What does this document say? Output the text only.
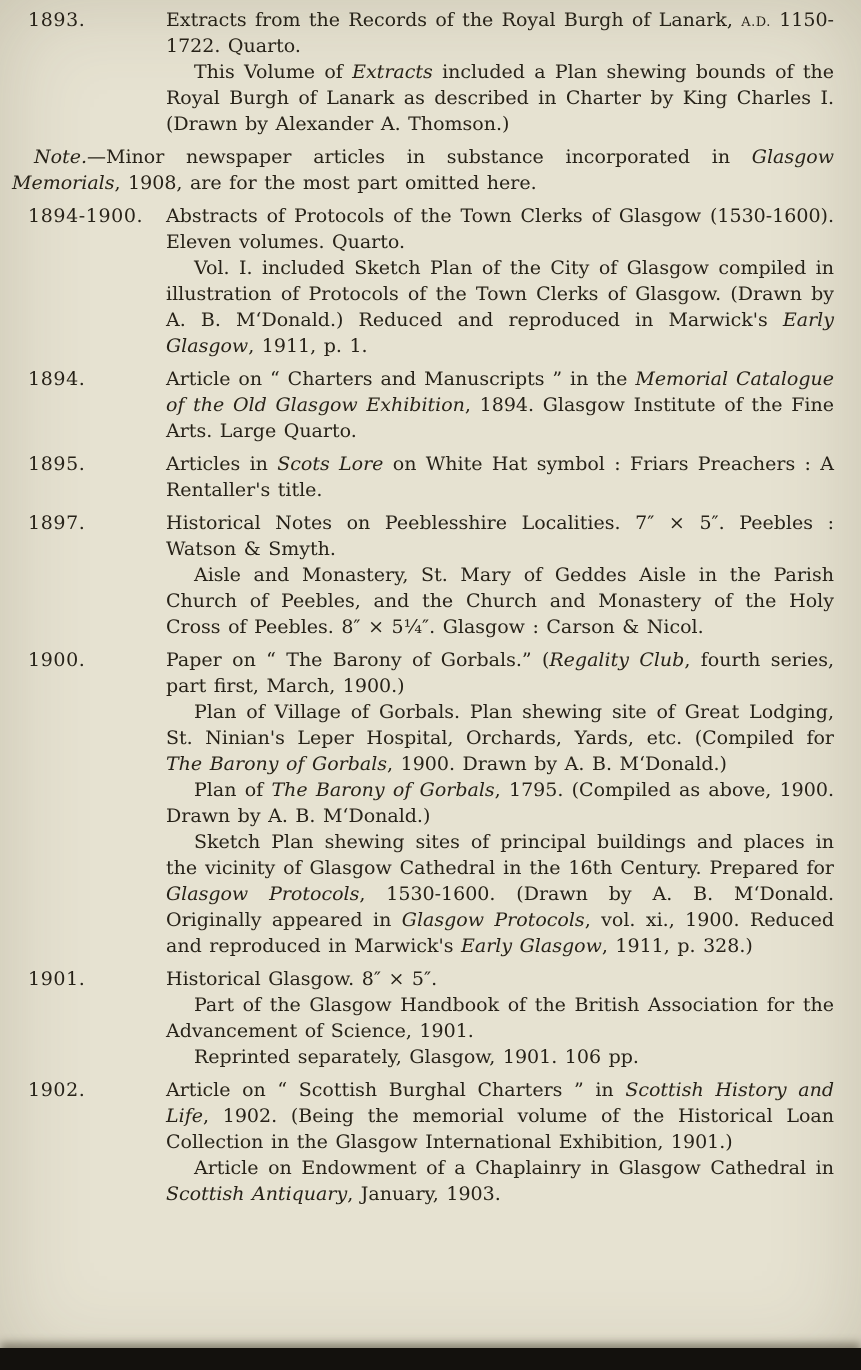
1893.	Extracts from the Records of the Royal Burgh of Lanark, A.D. 1150-1722. Quarto.

This Volume of Extracts included a Plan shewing bounds of the Royal Burgh of Lanark as described in Charter by King Charles I. (Drawn by Alexander A. Thomson.)

Note.—Minor newspaper articles in substance incorporated in Glasgow Memorials, 1908, are for the most part omitted here.

1894-1900.	Abstracts of Protocols of the Town Clerks of Glasgow (1530-1600). Eleven volumes. Quarto.

Vol. I. included Sketch Plan of the City of Glasgow compiled in illustration of Protocols of the Town Clerks of Glasgow. (Drawn by A. B. M‘Donald.) Reduced and reproduced in Marwick's Early Glasgow, 1911, p. 1.

1894.	Article on “ Charters and Manuscripts ” in the Memorial Catalogue of the Old Glasgow Exhibition, 1894. Glasgow Institute of the Fine Arts. Large Quarto.

1895.	Articles in Scots Lore on White Hat symbol : Friars Preachers : A Rentaller's title.

1897.	Historical Notes on Peeblesshire Localities. 7″ × 5″. Peebles : Watson & Smyth.

Aisle and Monastery, St. Mary of Geddes Aisle in the Parish Church of Peebles, and the Church and Monastery of the Holy Cross of Peebles. 8″ × 5¼″. Glasgow : Carson & Nicol.

1900.	Paper on “ The Barony of Gorbals.” (Regality Club, fourth series, part first, March, 1900.)

Plan of Village of Gorbals. Plan shewing site of Great Lodging, St. Ninian's Leper Hospital, Orchards, Yards, etc. (Compiled for The Barony of Gorbals, 1900. Drawn by A. B. M‘Donald.)

Plan of The Barony of Gorbals, 1795. (Compiled as above, 1900. Drawn by A. B. M‘Donald.)

Sketch Plan shewing sites of principal buildings and places in the vicinity of Glasgow Cathedral in the 16th Century. Prepared for Glasgow Protocols, 1530-1600. (Drawn by A. B. M‘Donald. Originally appeared in Glasgow Protocols, vol. xi., 1900. Reduced and reproduced in Marwick's Early Glasgow, 1911, p. 328.)

1901.	Historical Glasgow. 8″ × 5″.

Part of the Glasgow Handbook of the British Association for the Advancement of Science, 1901.

Reprinted separately, Glasgow, 1901. 106 pp.

1902.	Article on “ Scottish Burghal Charters ” in Scottish History and Life, 1902. (Being the memorial volume of the Historical Loan Collection in the Glasgow International Exhibition, 1901.)

Article on Endowment of a Chaplainry in Glasgow Cathedral in Scottish Antiquary, January, 1903.
